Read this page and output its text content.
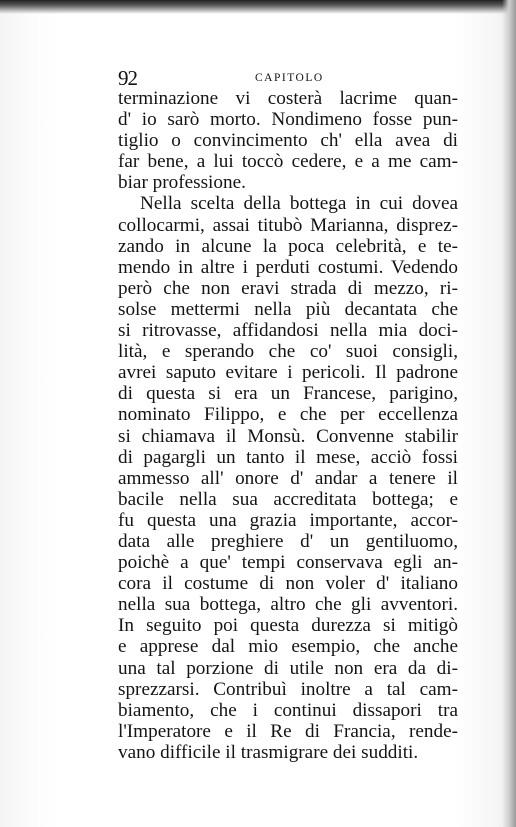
92	CAPITOLO
terminazione vi costerà lacrime quan-
d' io sarò morto. Nondimeno fosse pun-
tiglio o convincimento ch' ella avea di
far bene, a lui toccò cedere, e a me cam-
biar professione.
Nella scelta della bottega in cui dovea
collocarmi, assai titubò Marianna, disprez-
zando in alcune la poca celebrità, e te-
mendo in altre i perduti costumi. Vedendo
però che non eravi strada di mezzo, ri-
solse mettermi nella più decantata che
si ritrovasse, affidandosi nella mia doci-
lità, e sperando che co' suoi consigli,
avrei saputo evitare i pericoli. Il padrone
di questa si era un Francese, parigino,
nominato Filippo, e che per eccellenza
si chiamava il Monsù. Convenne stabilir
di pagargli un tanto il mese, acciò fossi
ammesso all' onore d' andar a tenere il
bacile nella sua accreditata bottega; e
fu questa una grazia importante, accor-
data alle preghiere d' un gentiluomo,
poichè a que' tempi conservava egli an-
cora il costume di non voler d' italiano
nella sua bottega, altro che gli avventori.
In seguito poi questa durezza si mitigò
e apprese dal mio esempio, che anche
una tal porzione di utile non era da di-
sprezzarsi. Contribuì inoltre a tal cam-
biamento, che i continui dissapori tra
l'Imperatore e il Re di Francia, rende-
vano difficile il trasmigrare dei sudditi.
